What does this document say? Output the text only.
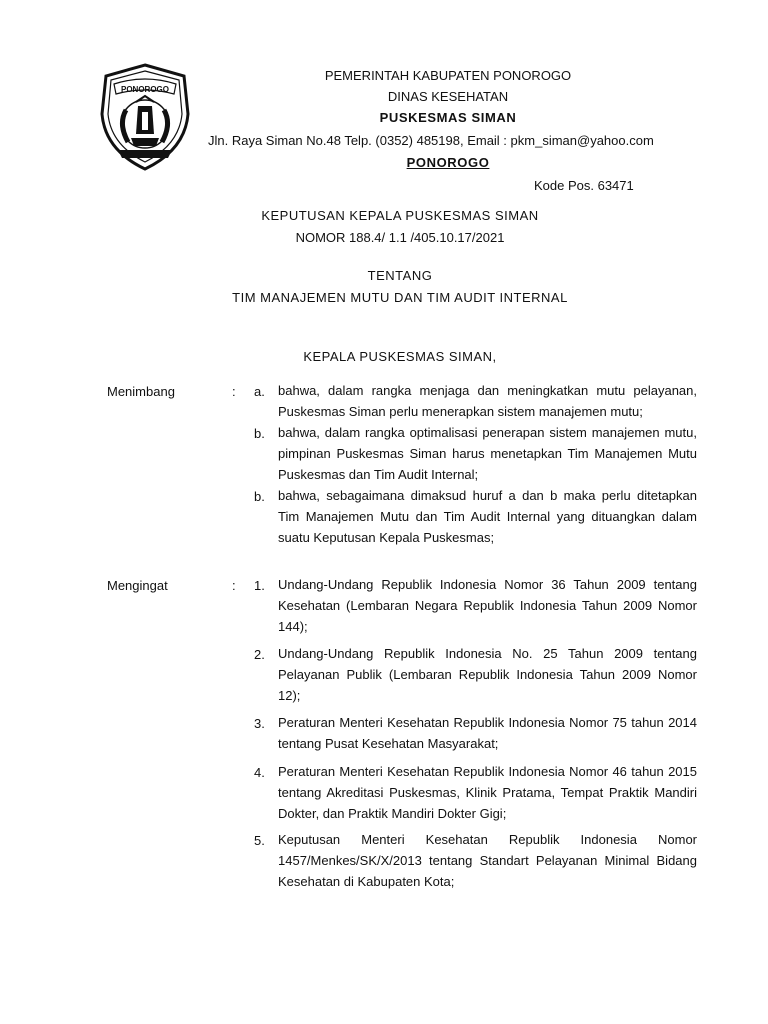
PONOROGO
PEMERINTAH KABUPATEN PONOROGO
DINAS KESEHATAN
PUSKESMAS SIMAN
Jln. Raya Siman No.48 Telp. (0352) 485198, Email : pkm_siman@yahoo.com
PONOROGO
Kode Pos. 63471
KEPUTUSAN KEPALA PUSKESMAS SIMAN
NOMOR 188.4/ 1.1 /405.10.17/2021
TENTANG
TIM MANAJEMEN MUTU DAN TIM AUDIT INTERNAL
KEPALA PUSKESMAS SIMAN,
Menimbang	: a. bahwa, dalam rangka menjaga dan meningkatkan mutu pelayanan, Puskesmas Siman perlu menerapkan sistem manajemen mutu;
b. bahwa, dalam rangka optimalisasi penerapan sistem manajemen mutu, pimpinan Puskesmas Siman harus menetapkan Tim Manajemen Mutu Puskesmas dan Tim Audit Internal;
b. bahwa, sebagaimana dimaksud huruf a dan b maka perlu ditetapkan Tim Manajemen Mutu dan Tim Audit Internal yang dituangkan dalam suatu Keputusan Kepala Puskesmas;
Mengingat	: 1. Undang-Undang Republik Indonesia Nomor 36 Tahun 2009 tentang Kesehatan (Lembaran Negara Republik Indonesia Tahun 2009 Nomor 144);
2. Undang-Undang Republik Indonesia No. 25 Tahun 2009 tentang Pelayanan Publik (Lembaran Republik Indonesia Tahun 2009 Nomor 12);
3. Peraturan Menteri Kesehatan Republik Indonesia Nomor 75 tahun 2014 tentang Pusat Kesehatan Masyarakat;
4. Peraturan Menteri Kesehatan Republik Indonesia Nomor 46 tahun 2015 tentang Akreditasi Puskesmas, Klinik Pratama, Tempat Praktik Mandiri Dokter, dan Praktik Mandiri Dokter Gigi;
5. Keputusan Menteri Kesehatan Republik Indonesia Nomor 1457/Menkes/SK/X/2013 tentang Standart Pelayanan Minimal Bidang Kesehatan di Kabupaten Kota;
